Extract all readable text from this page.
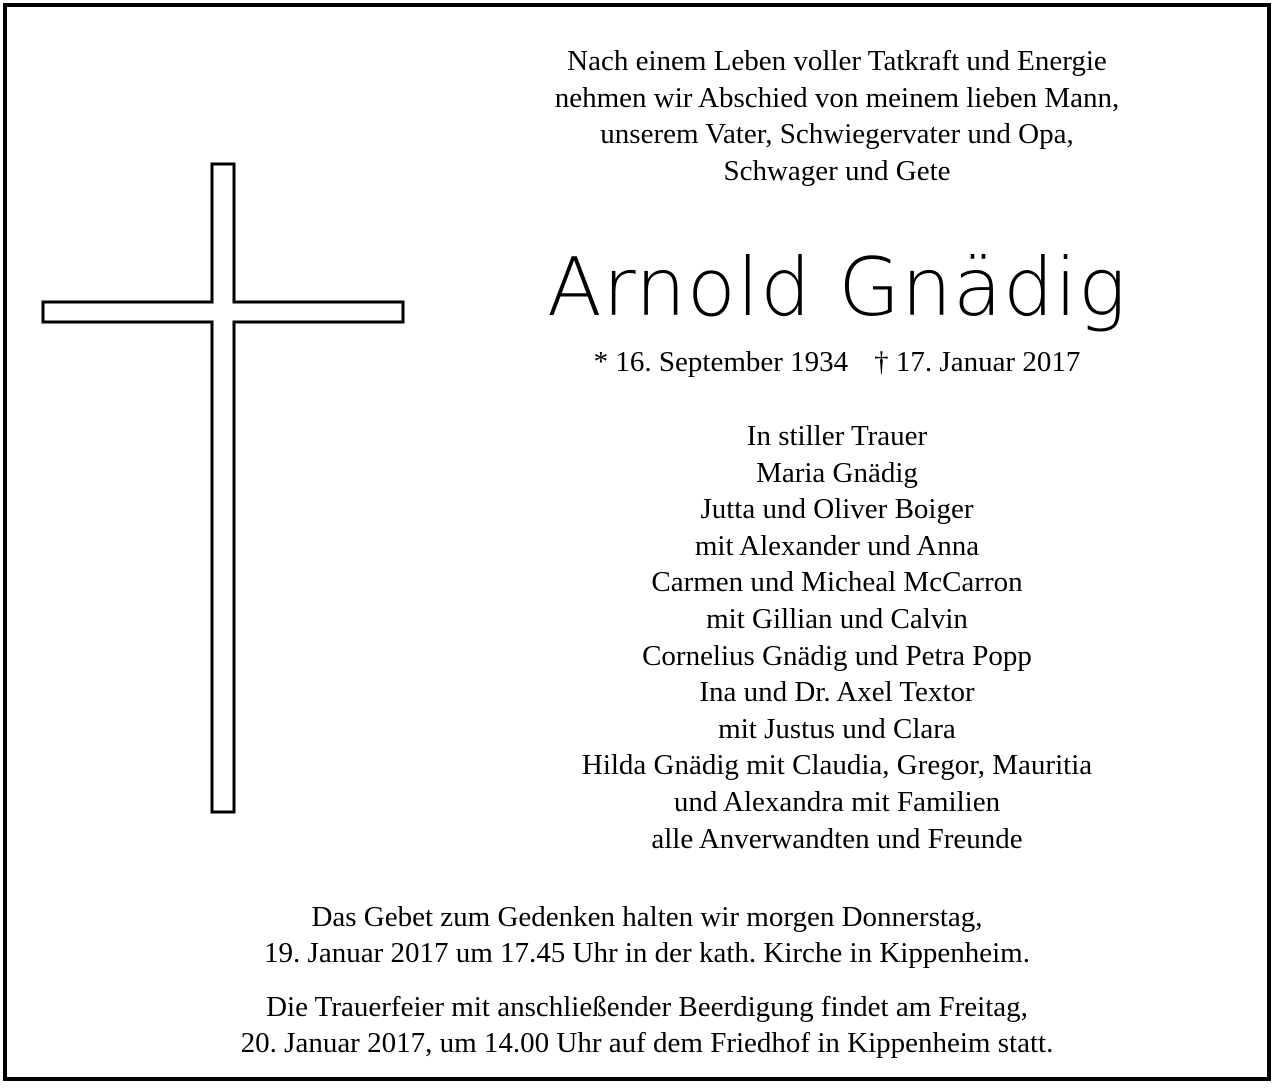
Nach einem Leben voller Tatkraft und Energie
nehmen wir Abschied von meinem lieben Mann,
unserem Vater, Schwiegervater und Opa,
Schwager und Gete
Arnold Gnädig
* 16. September 1934 † 17. Januar 2017
In stiller Trauer
Maria Gnädig
Jutta und Oliver Boiger
mit Alexander und Anna
Carmen und Micheal McCarron
mit Gillian und Calvin
Cornelius Gnädig und Petra Popp
Ina und Dr. Axel Textor
mit Justus und Clara
Hilda Gnädig mit Claudia, Gregor, Mauritia
und Alexandra mit Familien
alle Anverwandten und Freunde
Das Gebet zum Gedenken halten wir morgen Donnerstag,
19. Januar 2017 um 17.45 Uhr in der kath. Kirche in Kippenheim.
Die Trauerfeier mit anschließender Beerdigung findet am Freitag,
20. Januar 2017, um 14.00 Uhr auf dem Friedhof in Kippenheim statt.
